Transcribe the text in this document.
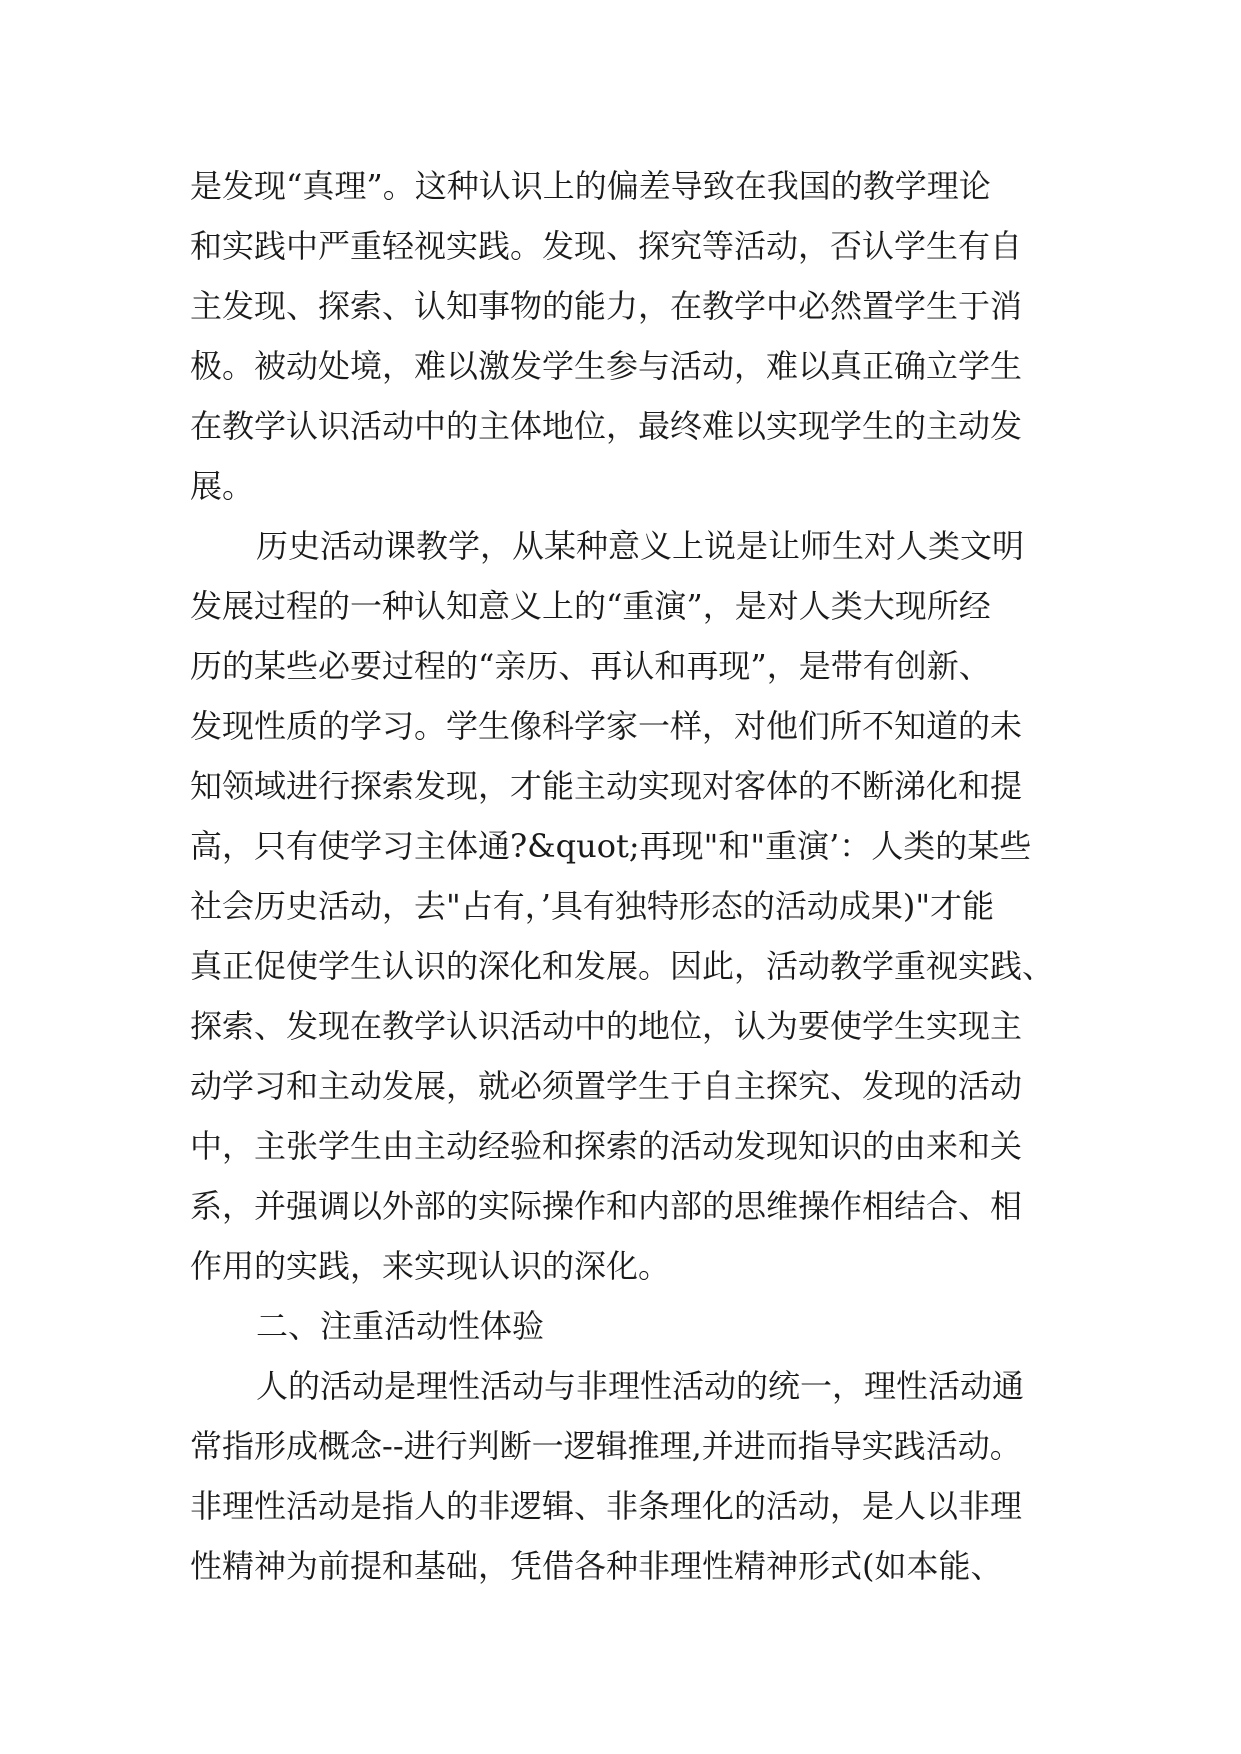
是发现“真理”。这种认识上的偏差导致在我国的教学理论
和实践中严重轻视实践。发现、探究等活动，否认学生有自
主发现、探索、认知事物的能力，在教学中必然置学生于消
极。被动处境，难以激发学生参与活动，难以真正确立学生
在教学认识活动中的主体地位，最终难以实现学生的主动发
展。
历史活动课教学，从某种意义上说是让师生对人类文明
发展过程的一种认知意义上的“重演”，是对人类大现所经
历的某些必要过程的“亲历、再认和再现”，是带有创新、
发现性质的学习。学生像科学家一样，对他们所不知道的未
知领域进行探索发现，才能主动实现对客体的不断涕化和提
高，只有使学习主体通?&quot;再现"和"重演’：人类的某些
社会历史活动，去"占有，’具有独特形态的活动成果)"才能
真正促使学生认识的深化和发展。因此，活动教学重视实践、
探索、发现在教学认识活动中的地位，认为要使学生实现主
动学习和主动发展，就必须置学生于自主探究、发现的活动
中，主张学生由主动经验和探索的活动发现知识的由来和关
系，并强调以外部的实际操作和内部的思维操作相结合、相
作用的实践，来实现认识的深化。
二、注重活动性体验
人的活动是理性活动与非理性活动的统一，理性活动通
常指形成概念--进行判断一逻辑推理,并进而指导实践活动。
非理性活动是指人的非逻辑、非条理化的活动，是人以非理
性精神为前提和基础，凭借各种非理性精神形式(如本能、
